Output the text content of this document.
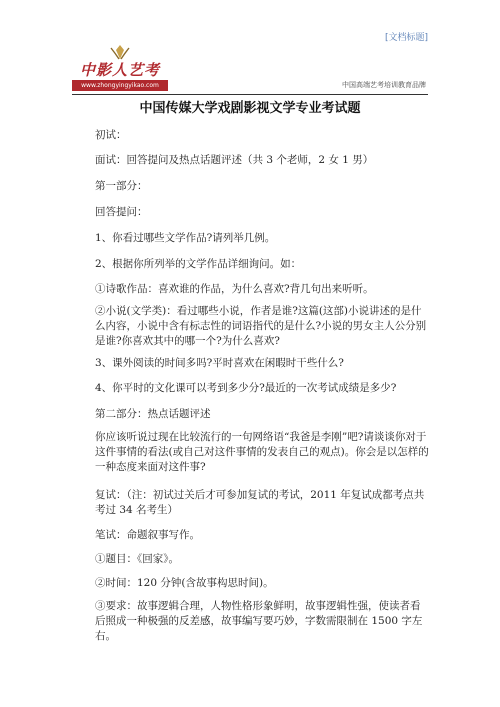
[文档标题]
中影人艺考
www.zhongyingyikao.com	中国高端艺考培训教育品牌
中国传媒大学戏剧影视文学专业考试题

初试：

面试：回答提问及热点话题评述（共 3 个老师，2 女 1 男）

第一部分：

回答提问：

1、你看过哪些文学作品?请列举几例。

2、根据你所列举的文学作品详细询问。如：

①诗歌作品：喜欢谁的作品，为什么喜欢?背几句出来听听。

②小说(文学类)：看过哪些小说，作者是谁?这篇(这部)小说讲述的是什么内容，小说中含有标志性的词语指代的是什么?小说的男女主人公分别是谁?你喜欢其中的哪一个?为什么喜欢?

3、课外阅读的时间多吗?平时喜欢在闲暇时干些什么?

4、你平时的文化课可以考到多少分?最近的一次考试成绩是多少?

第二部分：热点话题评述

你应该听说过现在比较流行的一句网络语“我爸是李刚”吧?请谈谈你对于这件事情的看法(或自己对这件事情的发表自己的观点)。你会是以怎样的一种态度来面对这件事?

复试：（注：初试过关后才可参加复试的考试，2011 年复试成都考点共考过 34 名考生）

笔试：命题叙事写作。

①题目：《回家》。

②时间：120 分钟(含故事构思时间)。

③要求：故事逻辑合理，人物性格形象鲜明，故事逻辑性强，使读者看后照成一种极强的反差感，故事编写要巧妙，字数需限制在 1500 字左右。
